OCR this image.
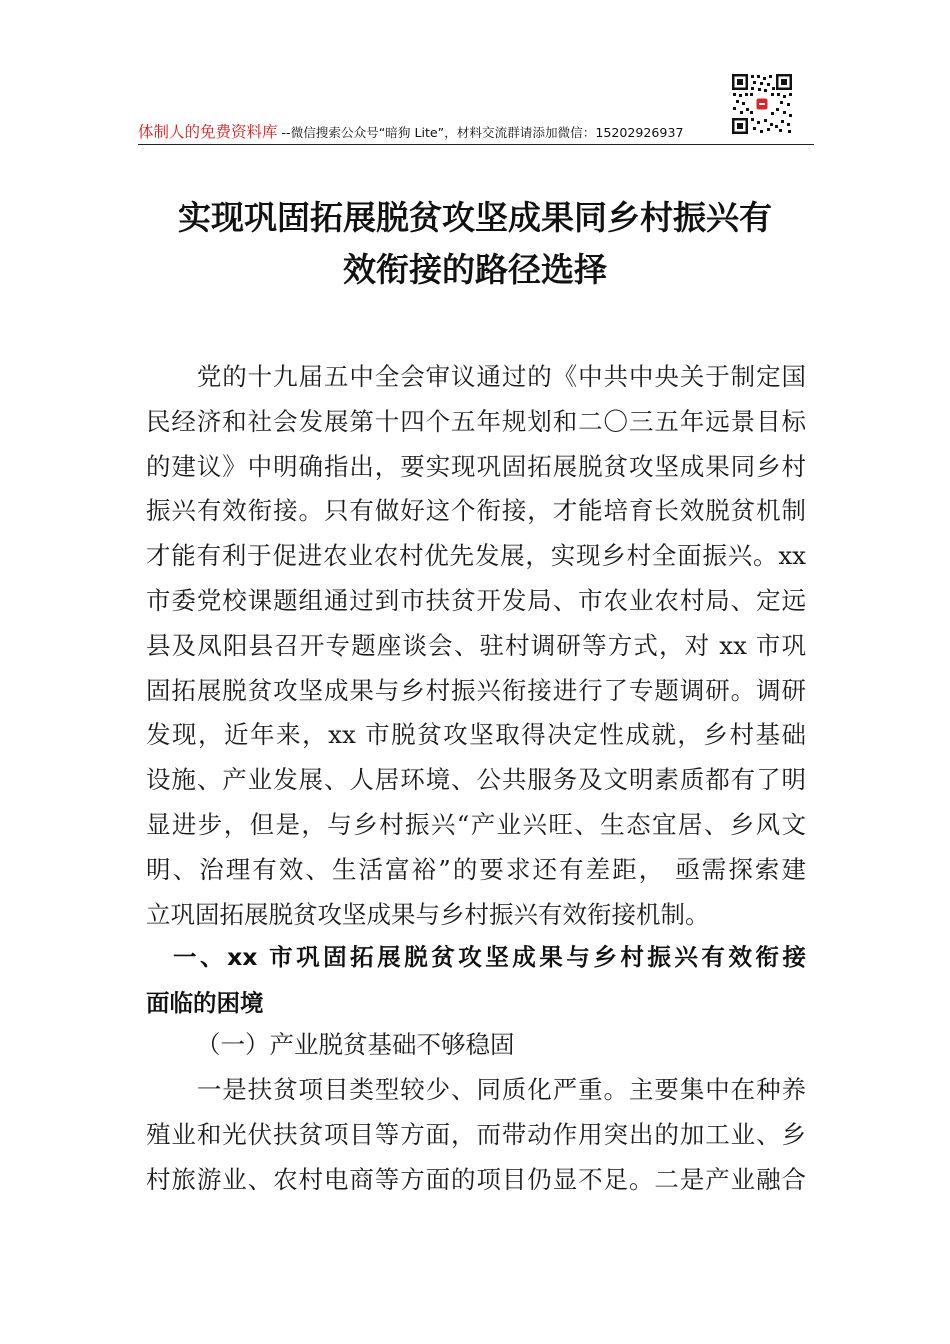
体制人的免费资料库 --微信搜索公众号“暗狗 Lite”，材料交流群请添加微信：15202926937
实现巩固拓展脱贫攻坚成果同乡村振兴有
效衔接的路径选择
　　党的十九届五中全会审议通过的《中共中央关于制定国
民经济和社会发展第十四个五年规划和二〇三五年远景目标
的建议》中明确指出，要实现巩固拓展脱贫攻坚成果同乡村
振兴有效衔接。只有做好这个衔接，才能培育长效脱贫机制
才能有利于促进农业农村优先发展，实现乡村全面振兴。xx
市委党校课题组通过到市扶贫开发局、市农业农村局、定远
县及凤阳县召开专题座谈会、驻村调研等方式，对 xx 市巩
固拓展脱贫攻坚成果与乡村振兴衔接进行了专题调研。调研
发现，近年来，xx 市脱贫攻坚取得决定性成就，乡村基础
设施、产业发展、人居环境、公共服务及文明素质都有了明
显进步，但是，与乡村振兴“产业兴旺、生态宜居、乡风文
明、治理有效、生活富裕”的要求还有差距， 亟需探索建
立巩固拓展脱贫攻坚成果与乡村振兴有效衔接机制。
　一、xx 市巩固拓展脱贫攻坚成果与乡村振兴有效衔接
面临的困境
（一）产业脱贫基础不够稳固
　　一是扶贫项目类型较少、同质化严重。主要集中在种养
殖业和光伏扶贫项目等方面，而带动作用突出的加工业、乡
村旅游业、农村电商等方面的项目仍显不足。二是产业融合
